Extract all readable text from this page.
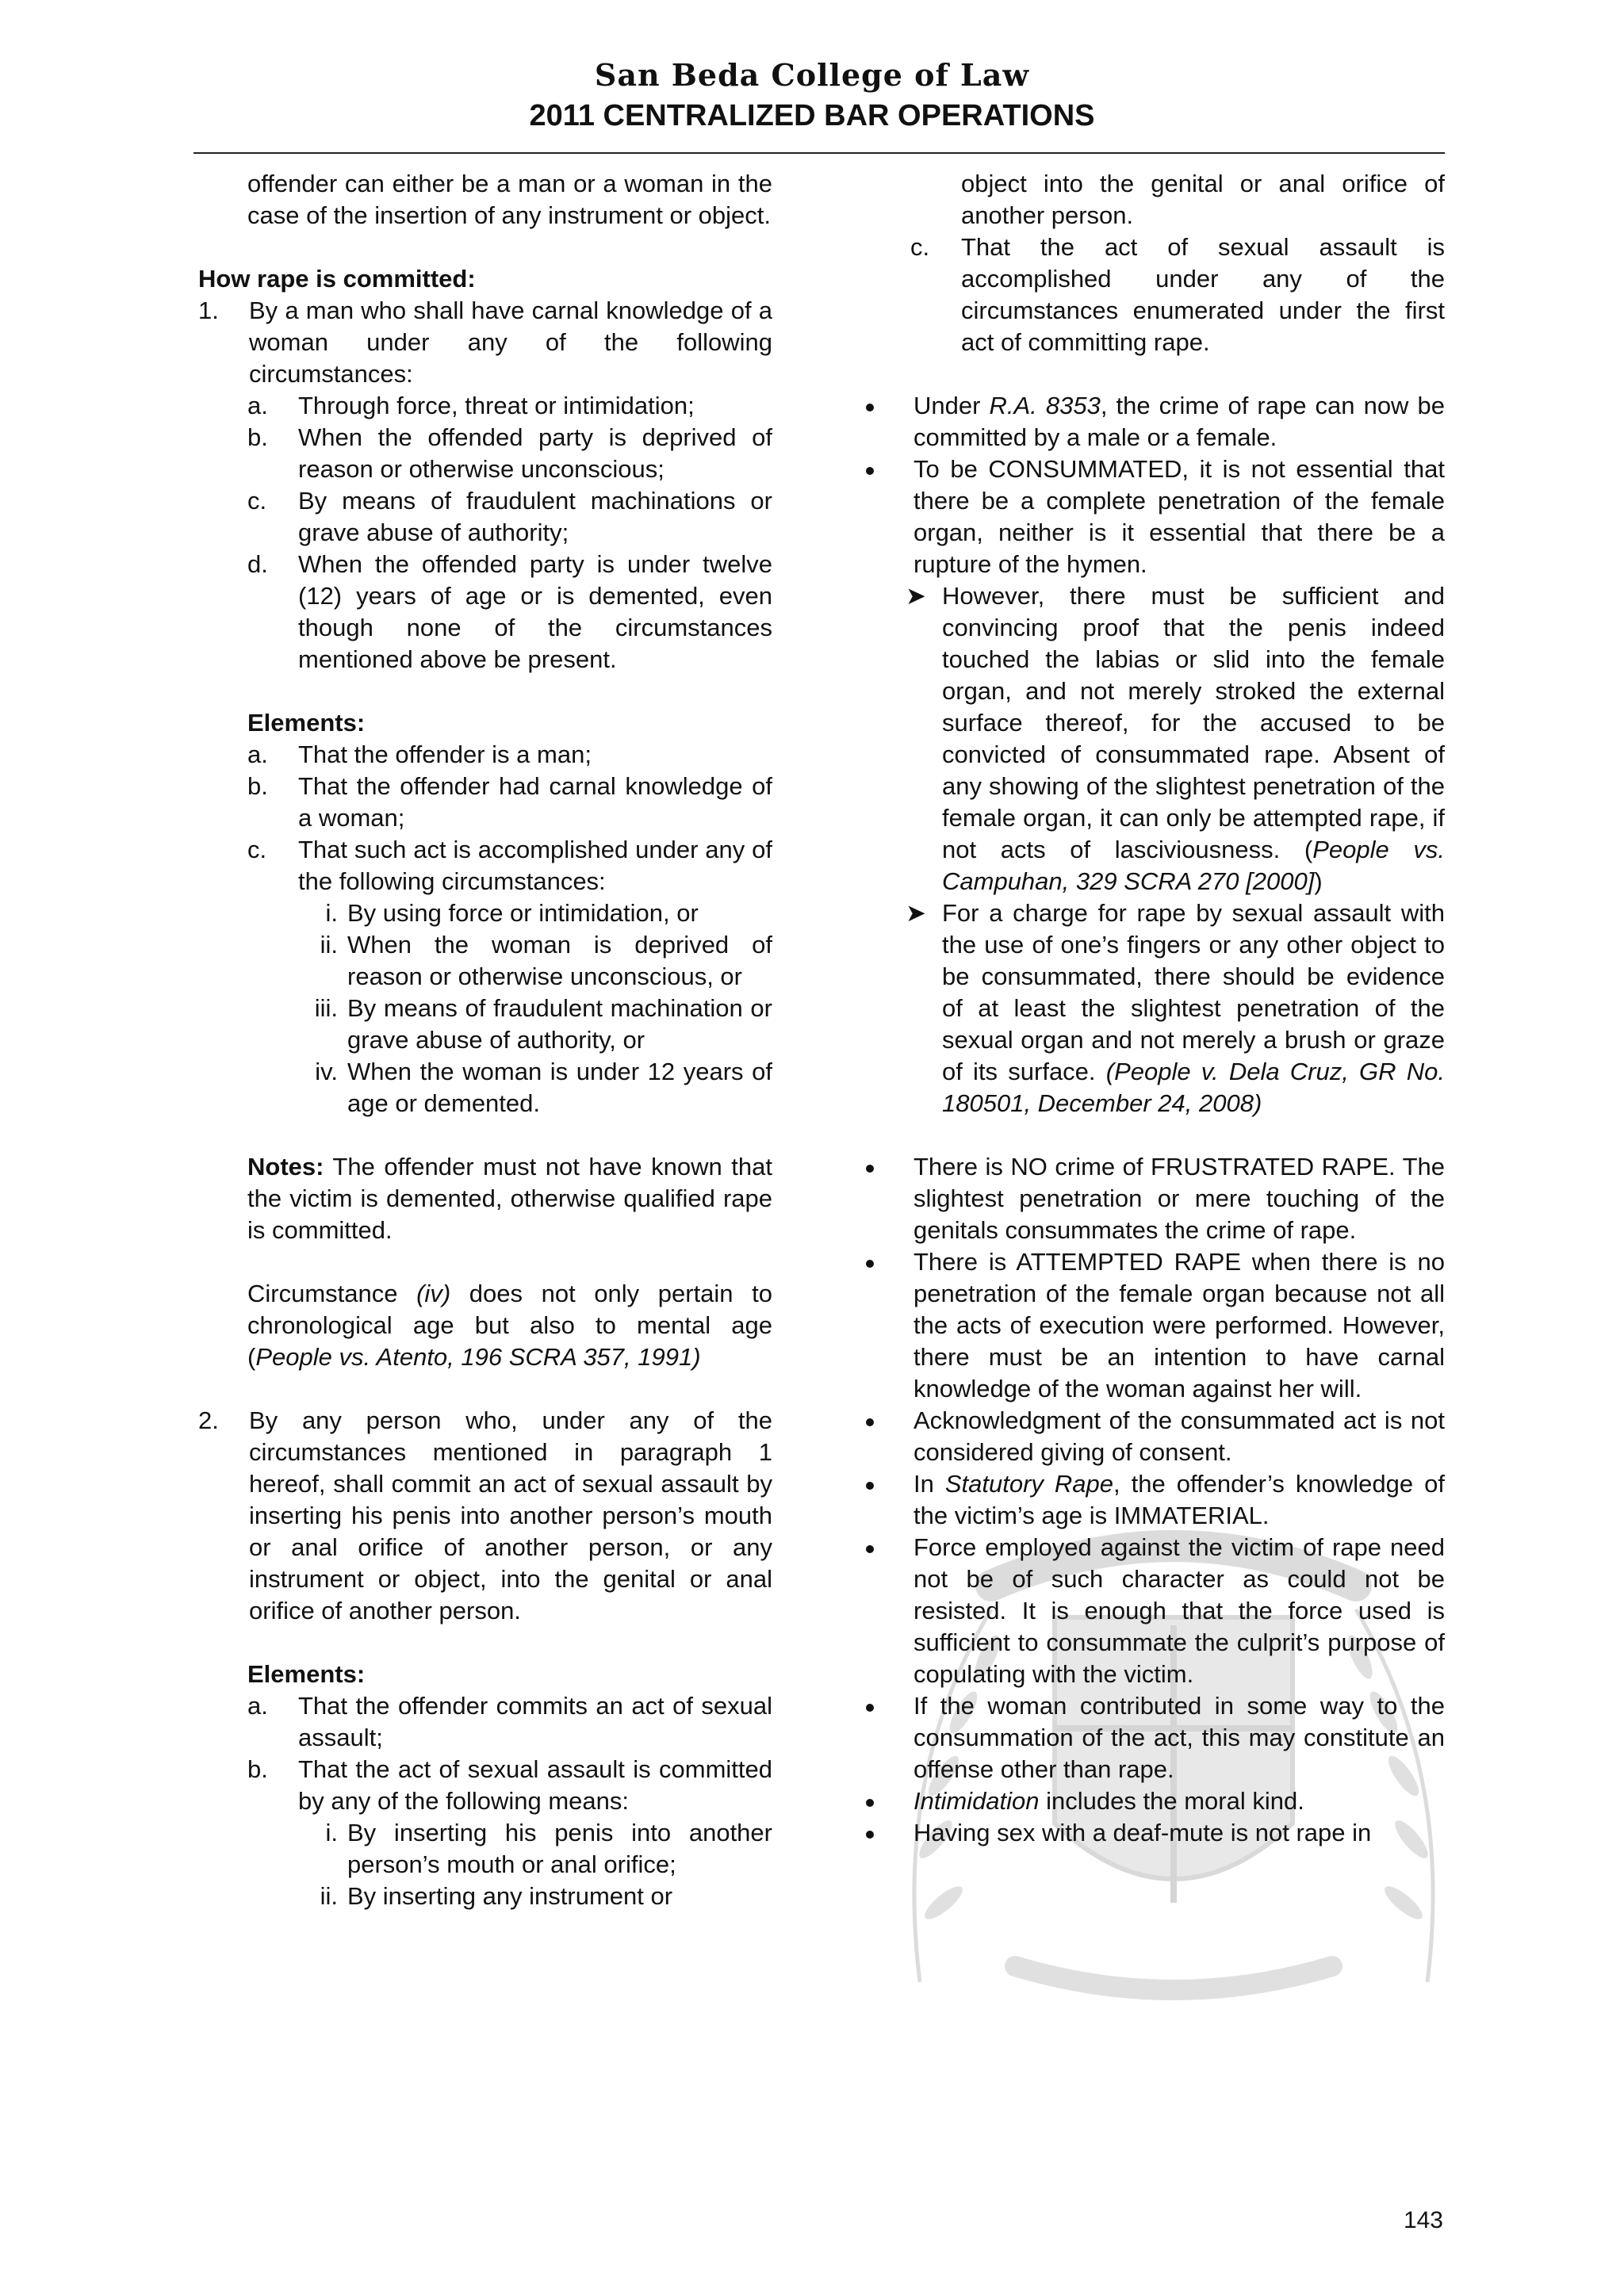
San Beda College of Law
2011 CENTRALIZED BAR OPERATIONS

offender can either be a man or a woman in the case of the insertion of any instrument or object.

How rape is committed:

1.	By a man who shall have carnal knowledge of a woman under any of the following circumstances:
a.	Through force, threat or intimidation;
b.	When the offended party is deprived of reason or otherwise unconscious;
c.	By means of fraudulent machinations or grave abuse of authority;
d.	When the offended party is under twelve (12) years of age or is demented, even though none of the circumstances mentioned above be present.

Elements:

a.	That the offender is a man;
b.	That the offender had carnal knowledge of a woman;
c.	That such act is accomplished under any of the following circumstances:
i. By using force or intimidation, or
ii. When the woman is deprived of reason or otherwise unconscious, or
iii. By means of fraudulent machination or grave abuse of authority, or
iv. When the woman is under 12 years of age or demented.

Notes: The offender must not have known that the victim is demented, otherwise qualified rape is committed.

Circumstance (iv) does not only pertain to chronological age but also to mental age (People vs. Atento, 196 SCRA 357, 1991)

2.	By any person who, under any of the circumstances mentioned in paragraph 1 hereof, shall commit an act of sexual assault by inserting his penis into another person’s mouth or anal orifice of another person, or any instrument or object, into the genital or anal orifice of another person.

Elements:

a.	That the offender commits an act of sexual assault;
b.	That the act of sexual assault is committed by any of the following means:
i. By inserting his penis into another person’s mouth or anal orifice;
ii. By inserting any instrument or

object into the genital or anal orifice of another person.

c.	That the act of sexual assault is accomplished under any of the circumstances enumerated under the first act of committing rape.
Under R.A. 8353, the crime of rape can now be committed by a male or a female.
To be CONSUMMATED, it is not essential that there be a complete penetration of the female organ, neither is it essential that there be a rupture of the hymen.
➤ However, there must be sufficient and convincing proof that the penis indeed touched the labias or slid into the female organ, and not merely stroked the external surface thereof, for the accused to be convicted of consummated rape. Absent of any showing of the slightest penetration of the female organ, it can only be attempted rape, if not acts of lasciviousness. (People vs. Campuhan, 329 SCRA 270 [2000])
➤ For a charge for rape by sexual assault with the use of one’s fingers or any other object to be consummated, there should be evidence of at least the slightest penetration of the sexual organ and not merely a brush or graze of its surface. (People v. Dela Cruz, GR No. 180501, December 24, 2008)
There is NO crime of FRUSTRATED RAPE. The slightest penetration or mere touching of the genitals consummates the crime of rape.
There is ATTEMPTED RAPE when there is no penetration of the female organ because not all the acts of execution were performed. However, there must be an intention to have carnal knowledge of the woman against her will.
Acknowledgment of the consummated act is not considered giving of consent.
In Statutory Rape, the offender’s knowledge of the victim’s age is IMMATERIAL.
Force employed against the victim of rape need not be of such character as could not be resisted. It is enough that the force used is sufficient to consummate the culprit’s purpose of copulating with the victim.
If the woman contributed in some way to the consummation of the act, this may constitute an offense other than rape.
Intimidation includes the moral kind.
Having sex with a deaf-mute is not rape in
143
